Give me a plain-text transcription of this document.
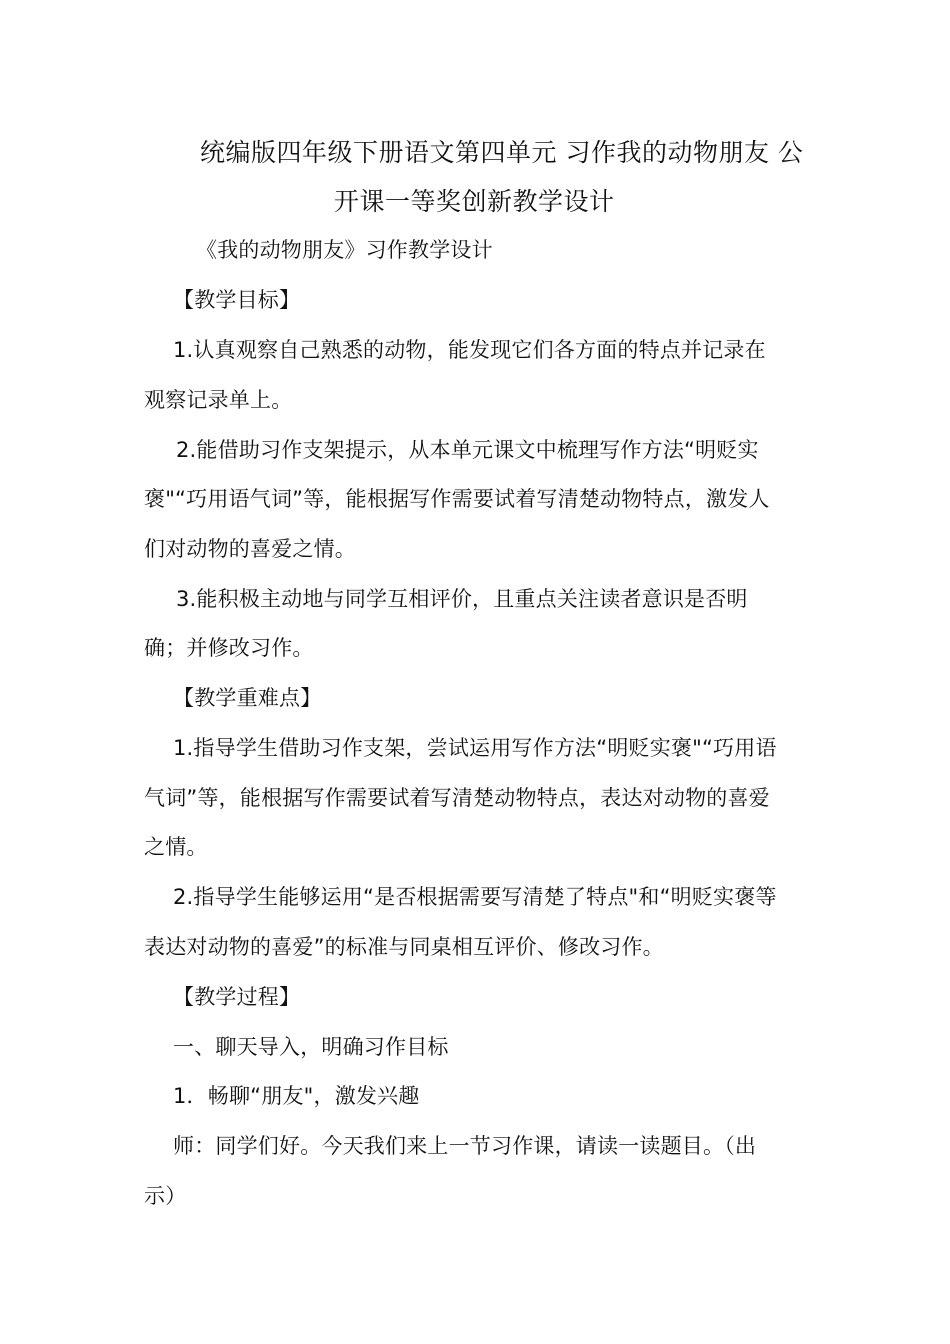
统编版四年级下册语文第四单元 习作我的动物朋友 公
开课一等奖创新教学设计
《我的动物朋友》习作教学设计
【教学目标】
1.认真观察自己熟悉的动物，能发现它们各方面的特点并记录在
观察记录单上。
2.能借助习作支架提示，从本单元课文中梳理写作方法“明贬实
褒"“巧用语气词”等，能根据写作需要试着写清楚动物特点，激发人
们对动物的喜爱之情。
3.能积极主动地与同学互相评价，且重点关注读者意识是否明
确；并修改习作。
【教学重难点】
1.指导学生借助习作支架，尝试运用写作方法“明贬实褒"“巧用语
气词”等，能根据写作需要试着写清楚动物特点，表达对动物的喜爱
之情。
2.指导学生能够运用“是否根据需要写清楚了特点"和“明贬实褒等
表达对动物的喜爱”的标准与同桌相互评价、修改习作。
【教学过程】
一、聊天导入，明确习作目标
1．畅聊“朋友"，激发兴趣
师：同学们好。今天我们来上一节习作课，请读一读题目。（出
示）
